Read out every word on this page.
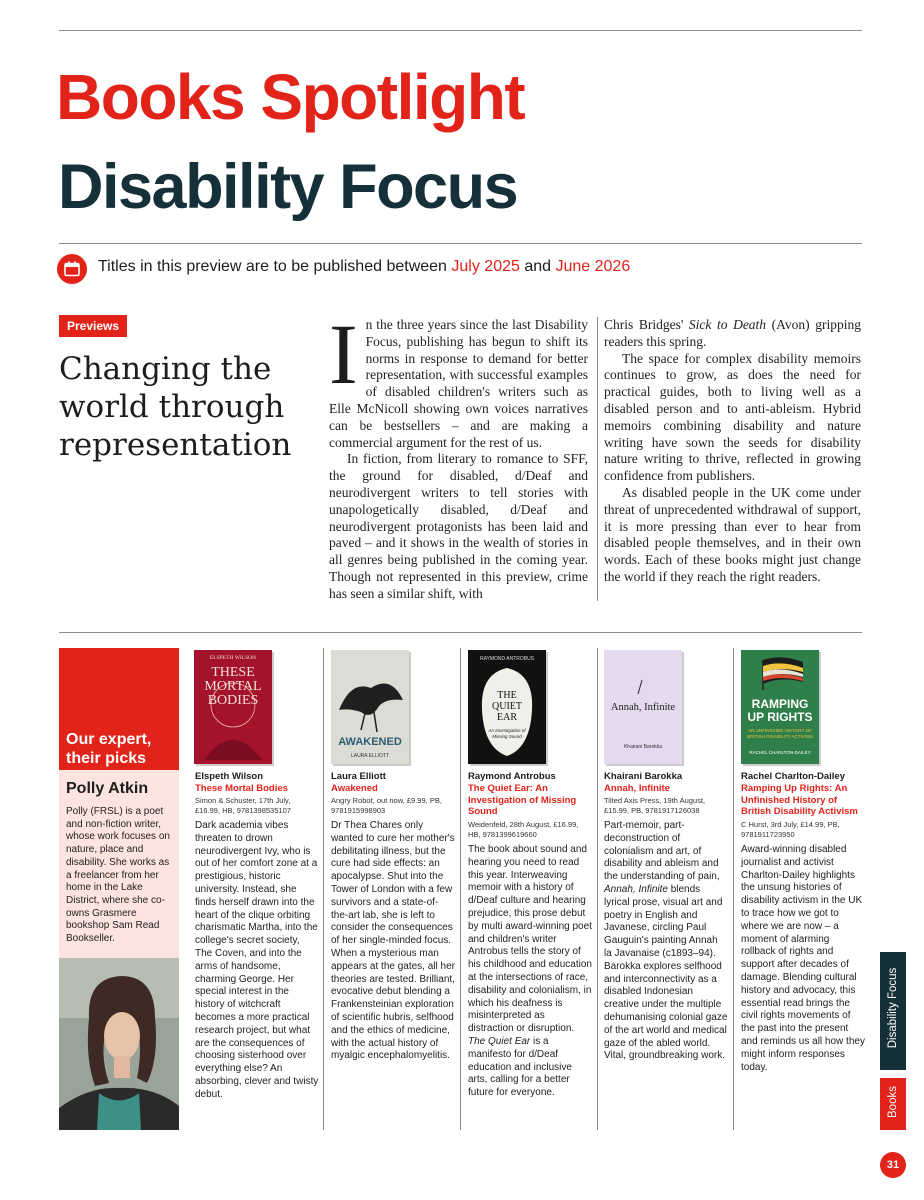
Books Spotlight
Disability Focus
Titles in this preview are to be published between July 2025 and June 2026
Previews
Changing the world through representation
I n the three years since the last Disability Focus, publishing has begun to shift its norms in response to demand for better representation, with successful examples of disabled children's writers such as Elle McNicoll showing own voices narratives can be bestsellers – and are making a commercial argument for the rest of us.

In fiction, from literary to romance to SFF, the ground for disabled, d/Deaf and neurodivergent writers to tell stories with unapologetically disabled, d/Deaf and neurodivergent protagonists has been laid and paved – and it shows in the wealth of stories in all genres being published in the coming year. Though not represented in this preview, crime has seen a similar shift, with

Chris Bridges' Sick to Death (Avon) gripping readers this spring.

The space for complex disability memoirs continues to grow, as does the need for practical guides, both to living well as a disabled person and to anti-ableism. Hybrid memoirs combining disability and nature writing have sown the seeds for disability nature writing to thrive, reflected in growing confidence from publishers.

As disabled people in the UK come under threat of unprecedented withdrawal of support, it is more pressing than ever to hear from disabled people themselves, and in their own words. Each of these books might just change the world if they reach the right readers.

Our expert, their picks
Polly Atkin
Polly (FRSL) is a poet and non-fiction writer, whose work focuses on nature, place and disability. She works as a freelancer from her home in the Lake District, where she co-owns Grasmere bookshop Sam Read Bookseller.
ELSPETH WILSON
THESE MORTAL BODIES
Elspeth Wilson
These Mortal Bodies
Simon & Schuster, 17th July, £16.99, HB, 9781398535107
Dark academia vibes threaten to drown neurodivergent Ivy, who is out of her comfort zone at a prestigious, historic university. Instead, she finds herself drawn into the heart of the clique orbiting charismatic Martha, into the college's secret society, The Coven, and into the arms of handsome, charming George. Her special interest in the history of witchcraft becomes a more practical research project, but what are the consequences of choosing sisterhood over everything else? An absorbing, clever and twisty debut.
AWAKENED
LAURA ELLIOTT
Laura Elliott
Awakened
Angry Robot, out now, £9.99, PB, 9781915998903
Dr Thea Chares only wanted to cure her mother's debilitating illness, but the cure had side effects: an apocalypse. Shut into the Tower of London with a few survivors and a state-of-the-art lab, she is left to consider the consequences of her single-minded focus. When a mysterious man appears at the gates, all her theories are tested. Brilliant, evocative debut blending a Frankensteinian exploration of scientific hubris, selfhood and the ethics of medicine, with the actual history of myalgic encephalomyelitis.
RAYMOND ANTROBUS
THE QUIET EAR
An Investigation of Missing Sound
Raymond Antrobus
The Quiet Ear: An Investigation of Missing Sound
Weidenfeld, 28th August, £16.99, HB, 9781399619660
The book about sound and hearing you need to read this year. Interweaving memoir with a history of d/Deaf culture and hearing prejudice, this prose debut by multi award-winning poet and children's writer Antrobus tells the story of his childhood and education at the intersections of race, disability and colonialism, in which his deafness is misinterpreted as distraction or disruption. The Quiet Ear is a manifesto for d/Deaf education and inclusive arts, calling for a better future for everyone.
Annah, Infinite
Khairani Barokka
Khairani Barokka
Annah, Infinite
Tilted Axis Press, 19th August, £15.99, PB, 9781917126038
Part-memoir, part-deconstruction of colonialism and art, of disability and ableism and the understanding of pain, Annah, Infinite blends lyrical prose, visual art and poetry in English and Javanese, circling Paul Gauguin's painting Annah la Javanaise (c1893–94). Barokka explores selfhood and interconnectivity as a disabled Indonesian creative under the multiple dehumanising colonial gaze of the art world and medical gaze of the abled world. Vital, groundbreaking work.
RAMPING UP RIGHTS
AN UNFINISHED HISTORY OF BRITISH DISABILITY ACTIVISM
RACHEL CHARLTON-DAILEY
Rachel Charlton-Dailey
Ramping Up Rights: An Unfinished History of British Disability Activism
C Hurst, 3rd July, £14.99, PB, 9781911723950
Award-winning disabled journalist and activist Charlton-Dailey highlights the unsung histories of disability activism in the UK to trace how we got to where we are now – a moment of alarming rollback of rights and support after decades of damage. Blending cultural history and advocacy, this essential read brings the civil rights movements of the past into the present and reminds us all how they might inform responses today.
Disability Focus
Books
31
